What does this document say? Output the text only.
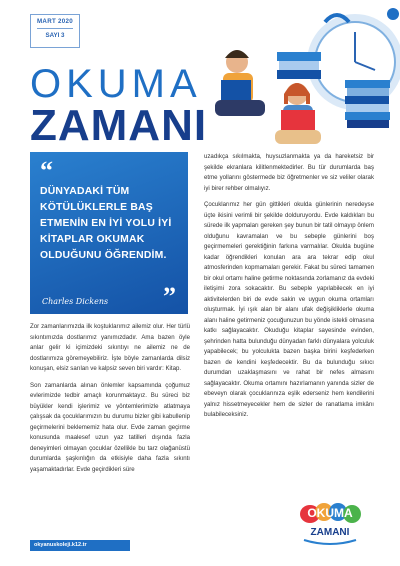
MART 2020
SAYI 3
OKUMA
ZAMANI
“
DÜNYADAKİ TÜM KÖTÜLÜKLERLE BAŞ ETMENİN EN İYİ YOLU İYİ KİTAPLAR OKUMAK OLDUĞUNU ÖĞRENDİM.
Charles Dickens ”

Zor zamanlarımızda ilk koştuklarımız ailemiz olur. Her türlü sıkıntımızda dostlarımız yanımızdadır. Ama bazen öyle anlar gelir ki içimizdeki sıkıntıyı ne ailemiz ne de dostlarımıza göremeyebiliriz. İşte böyle zamanlarda dilsiz konuşan, elsiz sarılan ve kalpsiz seven biri vardır: Kitap.

Son zamanlarda alınan önlemler kapsamında çoğumuz evlerimizde tedbir amaçlı korunmaktayız. Bu süreci biz büyükler kendi işlerimiz ve yöntemlerimizle atlatmaya çalışsak da çocuklarımızın bu durumu bizler gibi kabullenip geçirmelerini beklememiz hata olur. Evde zaman geçirme konusunda maalesef uzun yaz tatilleri dışında fazla deneyimleri olmayan çocuklar özellikle bu tarz olağanüstü durumlarda şaşkınlığın da etkisiyle daha fazla sıkıntı yaşamaktadırlar. Evde geçirdikleri süre

uzadıkça sıkılmakta, huysuzlanmakta ya da hareketsiz bir şekilde ekranlara kilitlenmektedirler. Bu tür durumlarda baş etme yollarını göstermede biz öğretmenler ve siz veliler olarak iyi birer rehber olmalıyız.

Çocuklarımız her gün gittikleri okulda günlerinin neredeyse üçte ikisini verimli bir şekilde dolduruyordu. Evde kaldıkları bu sürede ilk yapmaları gereken şey bunun bir tatil olmayıp önlem olduğunu kavramaları ve bu sebeple günlerini boş geçirmemeleri gerektiğinin farkına varmalılar. Okulda bugüne kadar öğrendikleri konuları ara ara tekrar edip okul atmosferinden kopmamaları gerekir. Fakat bu süreci tamamen bir okul ortamı haline getirme noktasında zorlamanız da evdeki iletişimi zora sokacaktır. Bu sebeple yapılabilecek en iyi aktivitelerden biri de evde sakin ve uygun okuma ortamları oluşturmak. İyi ışık alan bir alanı ufak değişikliklerle okuma alanı haline getirmeniz çocuğunuzun bu yönde istekli olmasına katkı sağlayacaktır. Okuduğu kitaplar sayesinde evinden, şehrinden hatta bulunduğu dünyadan farklı dünyalara yolculuk yapabilecek; bu yolculukta bazen başka birini keşfederken bazen de kendini keşfedecektir. Bu da bulunduğu sıkıcı durumdan uzaklaşmasını ve rahat bir nefes almasını sağlayacaktır. Okuma ortamını hazırlamanın yanında sizler de ebeveyn olarak çocuklarınıza eşlik ederseniz hem kendilerini yalnız hissetmeyecekler hem de sizler de ranatlama imkânı bulabileceksiniz.

okyanuskoleji.k12.tr
OKUMA
ZAMANI
